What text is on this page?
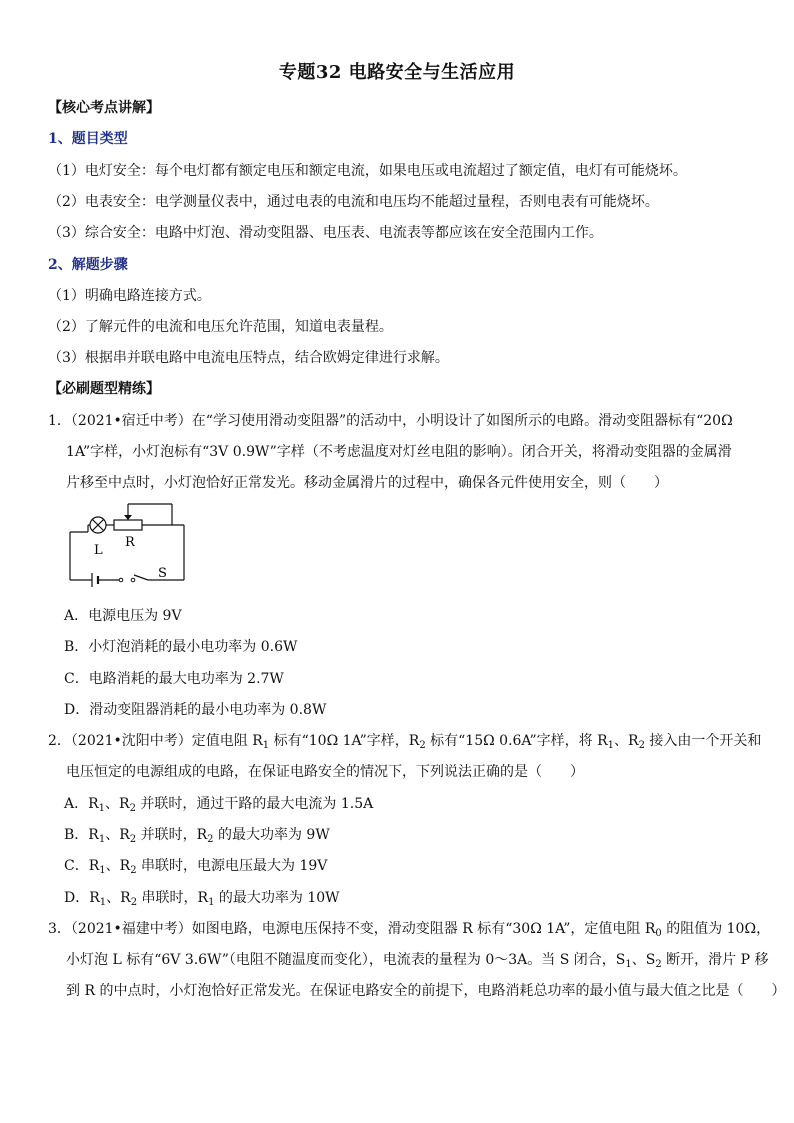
专题32 电路安全与生活应用
【核心考点讲解】
1、题目类型
（1）电灯安全：每个电灯都有额定电压和额定电流，如果电压或电流超过了额定值，电灯有可能烧坏。
（2）电表安全：电学测量仪表中，通过电表的电流和电压均不能超过量程，否则电表有可能烧坏。
（3）综合安全：电路中灯泡、滑动变阻器、电压表、电流表等都应该在安全范围内工作。
2、解题步骤
（1）明确电路连接方式。
（2）了解元件的电流和电压允许范围，知道电表量程。
（3）根据串并联电路中电流电压特点，结合欧姆定律进行求解。
【必刷题型精练】
1．（2021•宿迁中考）在“学习使用滑动变阻器”的活动中，小明设计了如图所示的电路。滑动变阻器标有“20Ω
1A”字样，小灯泡标有“3V 0.9W”字样（不考虑温度对灯丝电阻的影响）。闭合开关，将滑动变阻器的金属滑
片移至中点时，小灯泡恰好正常发光。移动金属滑片的过程中，确保各元件使用安全，则（　　）
L
R
S
A．电源电压为 9V
B．小灯泡消耗的最小电功率为 0.6W
C．电路消耗的最大电功率为 2.7W
D．滑动变阻器消耗的最小电功率为 0.8W
2．（2021•沈阳中考）定值电阻 $R_1$ 标有“10Ω 1A”字样，$R_2$ 标有“15Ω 0.6A”字样，将 $R_1$、$R_2$ 接入由一个开关和
电压恒定的电源组成的电路，在保证电路安全的情况下，下列说法正确的是（　　）
A．$R_1$、$R_2$ 并联时，通过干路的最大电流为 1.5A
B．$R_1$、$R_2$ 并联时，$R_2$ 的最大功率为 9W
C．$R_1$、$R_2$ 串联时，电源电压最大为 19V
D．$R_1$、$R_2$ 串联时，$R_1$ 的最大功率为 10W
3．（2021•福建中考）如图电路，电源电压保持不变，滑动变阻器 R 标有“30Ω 1A”，定值电阻 $R_0$ 的阻值为 10Ω，
小灯泡 L 标有“6V 3.6W”（电阻不随温度而变化），电流表的量程为 0～3A。当 S 闭合，$S_1$、$S_2$ 断开，滑片 P 移
到 R 的中点时，小灯泡恰好正常发光。在保证电路安全的前提下，电路消耗总功率的最小值与最大值之比是（　　）
